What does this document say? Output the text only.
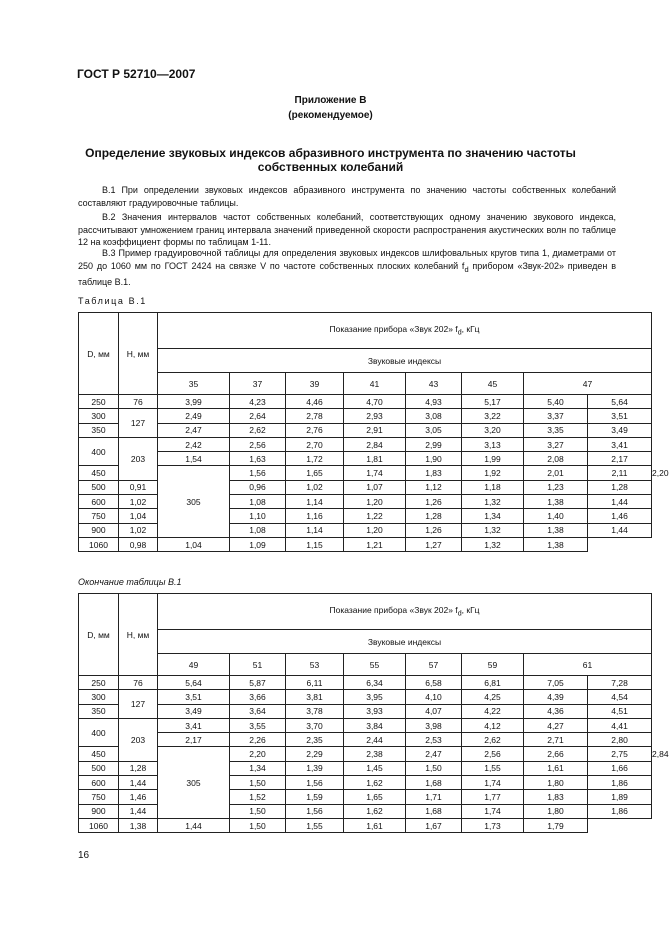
ГОСТ Р 52710—2007
Приложение В
(рекомендуемое)
Определение звуковых индексов абразивного инструмента по значению частоты
собственных колебаний

В.1 При определении звуковых индексов абразивного инструмента по значению частоты собственных колебаний составляют градуировочные таблицы.

В.2 Значения интервалов частот собственных колебаний, соответствующих одному значению звукового индекса, рассчитывают умножением границ интервала значений приведенной скорости распространения акустических волн по таблице 12 на коэффициент формы по таблицам 1-11.

В.3 Пример градуировочной таблицы для определения звуковых индексов шлифовальных кругов типа 1, диаметрами от 250 до 1060 мм по ГОСТ 2424 на связке V по частоте собственных плоских колебаний $f_d$ прибором «Звук-202» приведен в таблице В.1.

Таблица В.1
D, мм	H, мм	Показание прибора «Звук 202» $f_d$, кГц								
		Звуковые индексы								
		35	37	39	41	43	45	47		
250	76	3,99	4,23	4,46	4,70	4,93	5,17	5,40	5,64	
300	127	2,49	2,64	2,78	2,93	3,08	3,22	3,37	3,51	
350		2,47	2,62	2,76	2,91	3,05	3,20	3,35	3,49	
400	203	2,42	2,56	2,70	2,84	2,99	3,13	3,27	3,41	
		1,54	1,63	1,72	1,81	1,90	1,99	2,08	2,17	
450		305	1,56	1,65	1,74	1,83	1,92	2,01	2,11	2,20
500	0,91		0,96	1,02	1,07	1,12	1,18	1,23	1,28	
600	1,02		1,08	1,14	1,20	1,26	1,32	1,38	1,44	
750	1,04		1,10	1,16	1,22	1,28	1,34	1,40	1,46	
900	1,02		1,08	1,14	1,20	1,26	1,32	1,38	1,44	
1060	0,98	1,04	1,09	1,15	1,21	1,27	1,32	1,38		
Окончание таблицы В.1
D, мм	H, мм	Показание прибора «Звук 202» $f_d$, кГц								
		Звуковые индексы								
		49	51	53	55	57	59	61		
250	76	5,64	5,87	6,11	6,34	6,58	6,81	7,05	7,28	
300	127	3,51	3,66	3,81	3,95	4,10	4,25	4,39	4,54	
350		3,49	3,64	3,78	3,93	4,07	4,22	4,36	4,51	
400	203	3,41	3,55	3,70	3,84	3,98	4,12	4,27	4,41	
		2,17	2,26	2,35	2,44	2,53	2,62	2,71	2,80	
450		305	2,20	2,29	2,38	2,47	2,56	2,66	2,75	2,84
500	1,28		1,34	1,39	1,45	1,50	1,55	1,61	1,66	
600	1,44		1,50	1,56	1,62	1,68	1,74	1,80	1,86	
750	1,46		1,52	1,59	1,65	1,71	1,77	1,83	1,89	
900	1,44		1,50	1,56	1,62	1,68	1,74	1,80	1,86	
1060	1,38	1,44	1,50	1,55	1,61	1,67	1,73	1,79		
16
